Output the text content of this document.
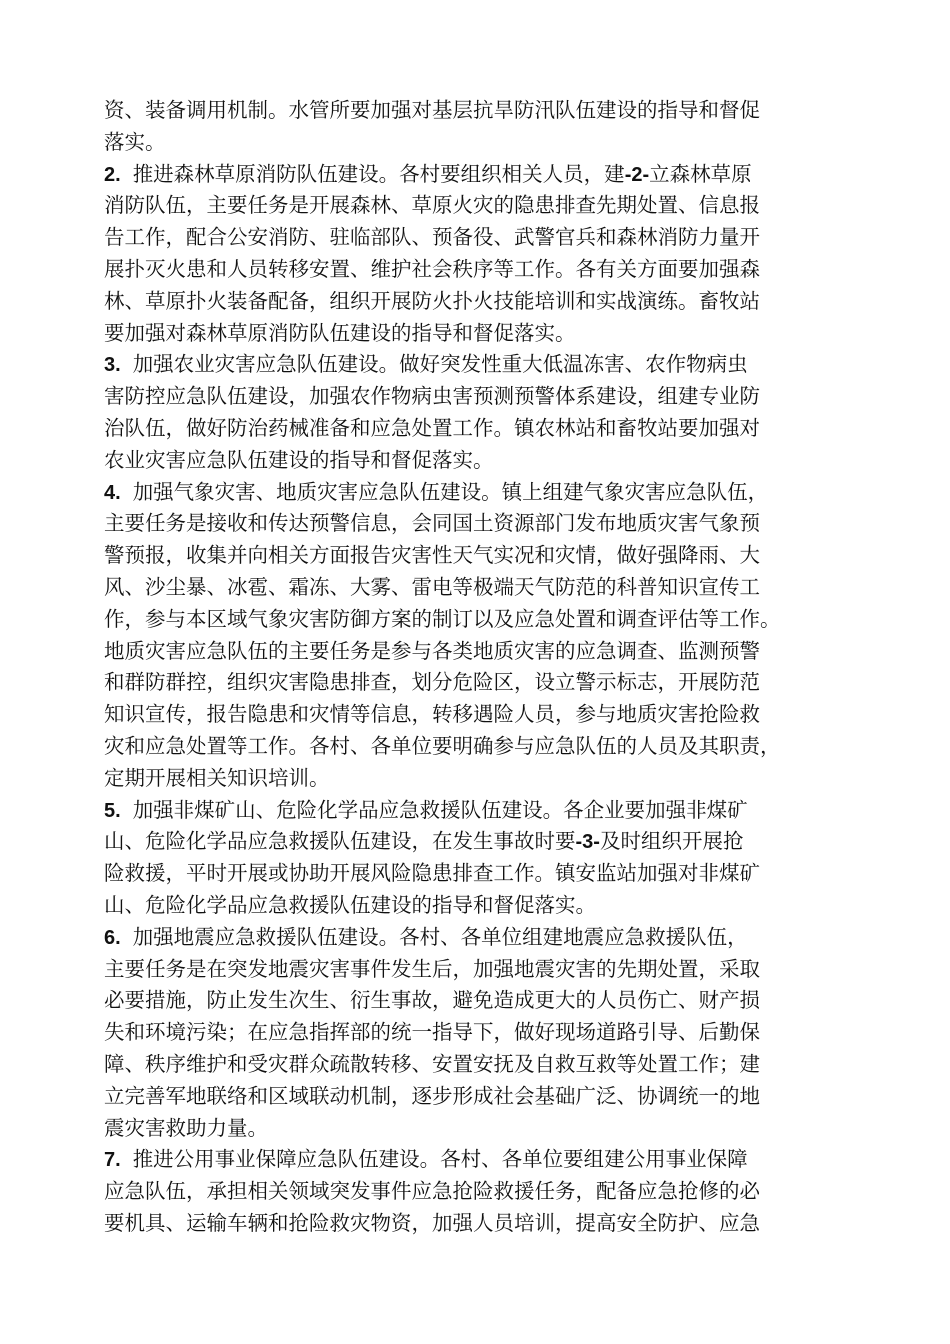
资、装备调用机制。水管所要加强对基层抗旱防汛队伍建设的指导和督促
落实。
2. 推进森林草原消防队伍建设。各村要组织相关人员，建-2-立森林草原
消防队伍，主要任务是开展森林、草原火灾的隐患排查先期处置、信息报
告工作，配合公安消防、驻临部队、预备役、武警官兵和森林消防力量开
展扑灭火患和人员转移安置、维护社会秩序等工作。各有关方面要加强森
林、草原扑火装备配备，组织开展防火扑火技能培训和实战演练。畜牧站
要加强对森林草原消防队伍建设的指导和督促落实。
3. 加强农业灾害应急队伍建设。做好突发性重大低温冻害、农作物病虫
害防控应急队伍建设，加强农作物病虫害预测预警体系建设，组建专业防
治队伍，做好防治药械准备和应急处置工作。镇农林站和畜牧站要加强对
农业灾害应急队伍建设的指导和督促落实。
4. 加强气象灾害、地质灾害应急队伍建设。镇上组建气象灾害应急队伍，
主要任务是接收和传达预警信息，会同国土资源部门发布地质灾害气象预
警预报，收集并向相关方面报告灾害性天气实况和灾情，做好强降雨、大
风、沙尘暴、冰雹、霜冻、大雾、雷电等极端天气防范的科普知识宣传工
作，参与本区域气象灾害防御方案的制订以及应急处置和调查评估等工作。
地质灾害应急队伍的主要任务是参与各类地质灾害的应急调查、监测预警
和群防群控，组织灾害隐患排查，划分危险区，设立警示标志，开展防范
知识宣传，报告隐患和灾情等信息，转移遇险人员，参与地质灾害抢险救
灾和应急处置等工作。各村、各单位要明确参与应急队伍的人员及其职责，
定期开展相关知识培训。
5. 加强非煤矿山、危险化学品应急救援队伍建设。各企业要加强非煤矿
山、危险化学品应急救援队伍建设，在发生事故时要-3-及时组织开展抢
险救援，平时开展或协助开展风险隐患排查工作。镇安监站加强对非煤矿
山、危险化学品应急救援队伍建设的指导和督促落实。
6. 加强地震应急救援队伍建设。各村、各单位组建地震应急救援队伍，
主要任务是在突发地震灾害事件发生后，加强地震灾害的先期处置，采取
必要措施，防止发生次生、衍生事故，避免造成更大的人员伤亡、财产损
失和环境污染；在应急指挥部的统一指导下，做好现场道路引导、后勤保
障、秩序维护和受灾群众疏散转移、安置安抚及自救互救等处置工作；建
立完善军地联络和区域联动机制，逐步形成社会基础广泛、协调统一的地
震灾害救助力量。
7. 推进公用事业保障应急队伍建设。各村、各单位要组建公用事业保障
应急队伍，承担相关领域突发事件应急抢险救援任务，配备应急抢修的必
要机具、运输车辆和抢险救灾物资，加强人员培训，提高安全防护、应急
